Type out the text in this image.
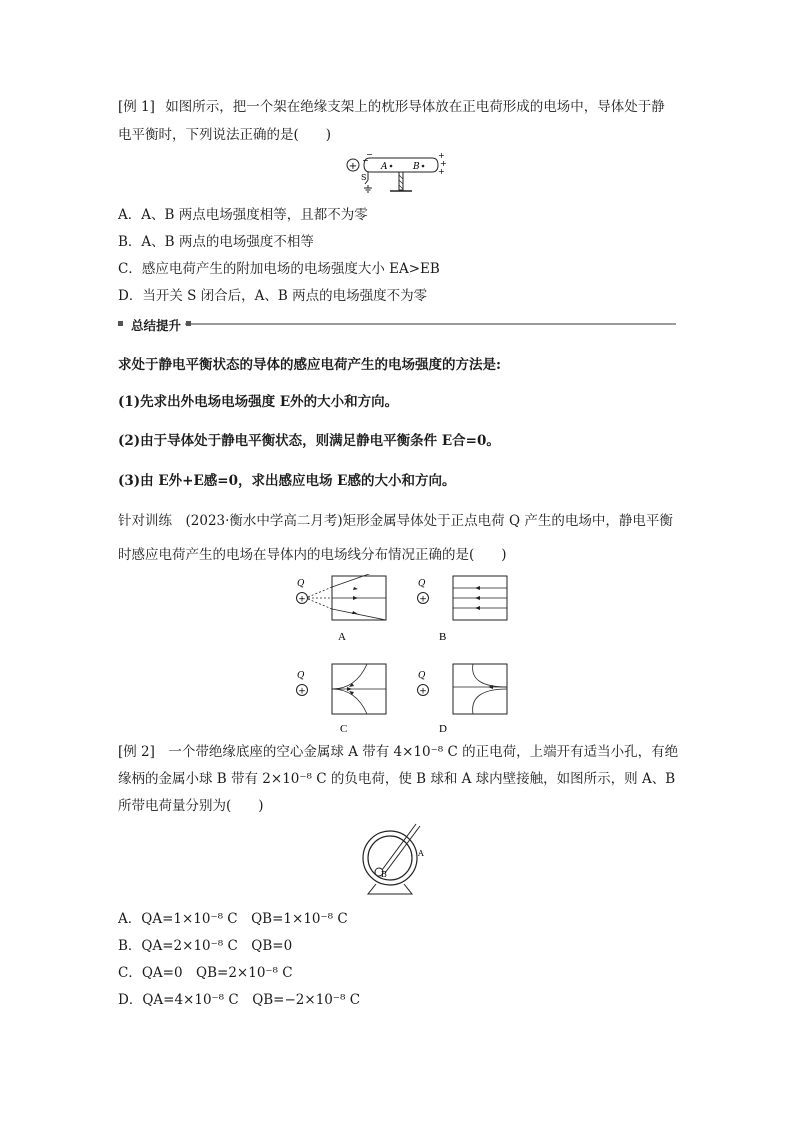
[例 1] 如图所示，把一个架在绝缘支架上的枕形导体放在正电荷形成的电场中，导体处于静
电平衡时，下列说法正确的是(　　)
+
−
−
+
+
+
A	B
S
A．A、B 两点电场强度相等，且都不为零
B．A、B 两点的电场强度不相等
C．感应电荷产生的附加电场的电场强度大小 EA>EB
D．当开关 S 闭合后，A、B 两点的电场强度不为零
总结提升
求处于静电平衡状态的导体的感应电荷产生的电场强度的方法是:
(1)先求出外电场电场强度 E外的大小和方向。
(2)由于导体处于静电平衡状态，则满足静电平衡条件 E合=0。
(3)由 E外+E感=0，求出感应电场 E感的大小和方向。
针对训练　(2023·衡水中学高二月考)矩形金属导体处于正点电荷 Q 产生的电场中，静电平衡
时感应电荷产生的电场在导体内的电场线分布情况正确的是(　　)
Q
+
A
Q
+
B
Q
+
C
Q
+
D
[例 2]　一个带绝缘底座的空心金属球 A 带有 4×10⁻⁸ C 的正电荷，上端开有适当小孔，有绝
缘柄的金属小球 B 带有 2×10⁻⁸ C 的负电荷，使 B 球和 A 球内壁接触，如图所示，则 A、B
所带电荷量分别为(　　)
B
A
A．QA=1×10⁻⁸ C　QB=1×10⁻⁸ C
B．QA=2×10⁻⁸ C　QB=0
C．QA=0　QB=2×10⁻⁸ C
D．QA=4×10⁻⁸ C　QB=−2×10⁻⁸ C
